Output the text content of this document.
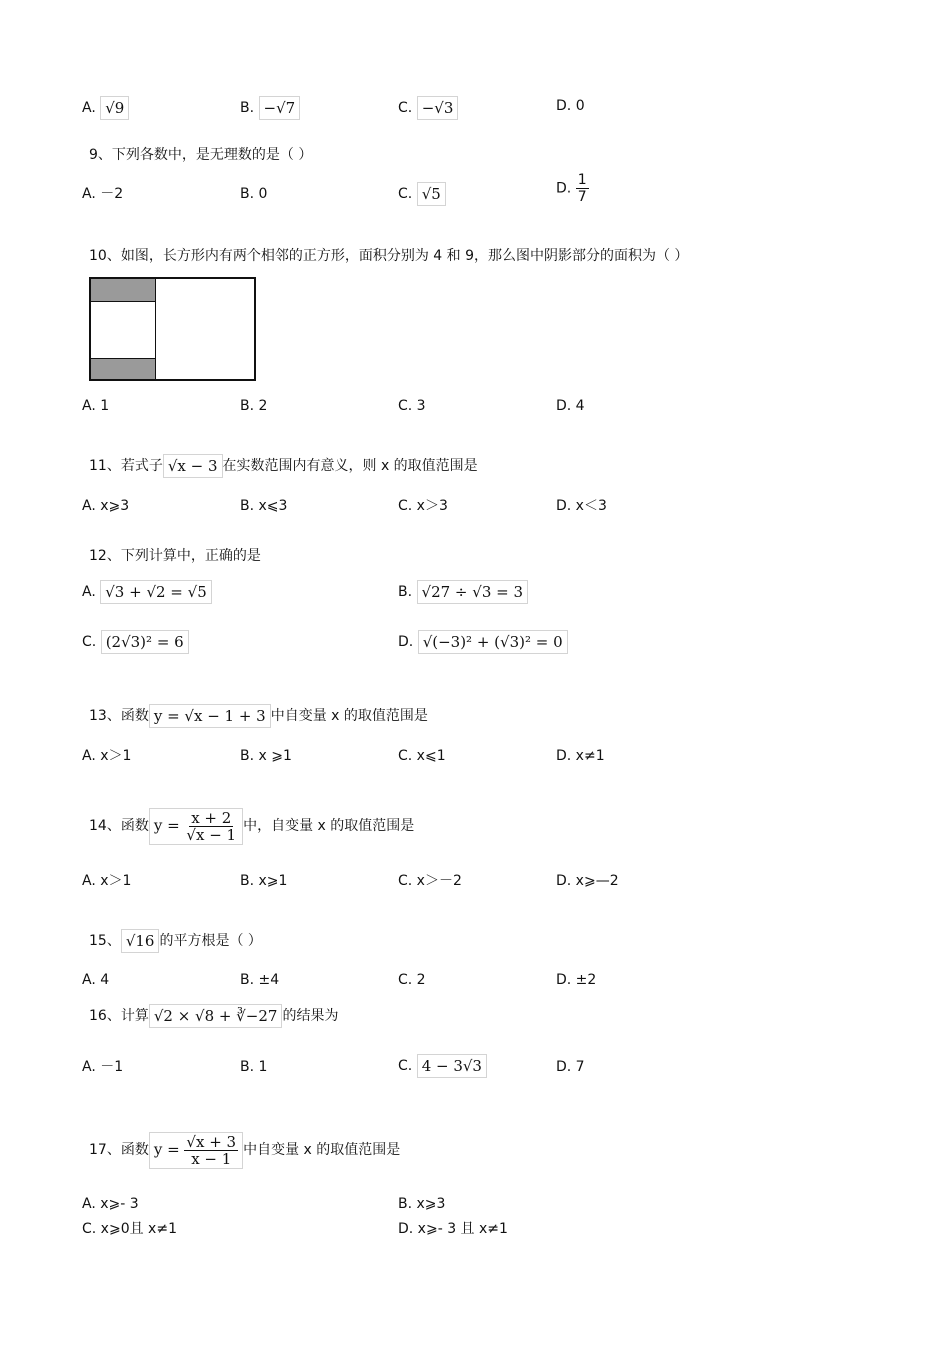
A. √9	B. −√7	C. −√3	D. 0
9、下列各数中，是无理数的是（ ）
A. －2	B. 0	C. √5	D. $\frac{1}{7}$
10、如图，长方形内有两个相邻的正方形，面积分别为 4 和 9，那么图中阴影部分的面积为（ ）
A. 1	B. 2	C. 3	D. 4
11、若式子 √x − 3 在实数范围内有意义，则 x 的取值范围是
A. x⩾3	B. x⩽3	C. x＞3	D. x＜3
12、下列计算中，正确的是
A. √3 + √2 = √5	B. √27 ÷ √3 = 3
C. (2√3)² = 6	D. √(−3)² + (√3)² = 0
13、函数 y = √x − 1 + 3 中自变量 x 的取值范围是
A. x＞1	B. x ⩾1	C. x⩽1	D. x≠1
14、函数 $y = \frac{x + 2}{√x - 1}$ 中，自变量 x 的取值范围是
A. x＞1	B. x⩾1	C. x＞－2	D. x⩾—2
15、 √16 的平方根是（ ）
A. 4	B. ±4	C. 2	D. ±2
16、计算 √2 × √8 + ∛−27 的结果为
A. －1	B. 1	C. 4 − 3√3	D. 7
17、函数 $y = \frac{√x + 3}{x - 1}$ 中自变量 x 的取值范围是
A. x⩾- 3	B. x⩾3
C. x⩾0且 x≠1	D. x⩾- 3 且 x≠1
